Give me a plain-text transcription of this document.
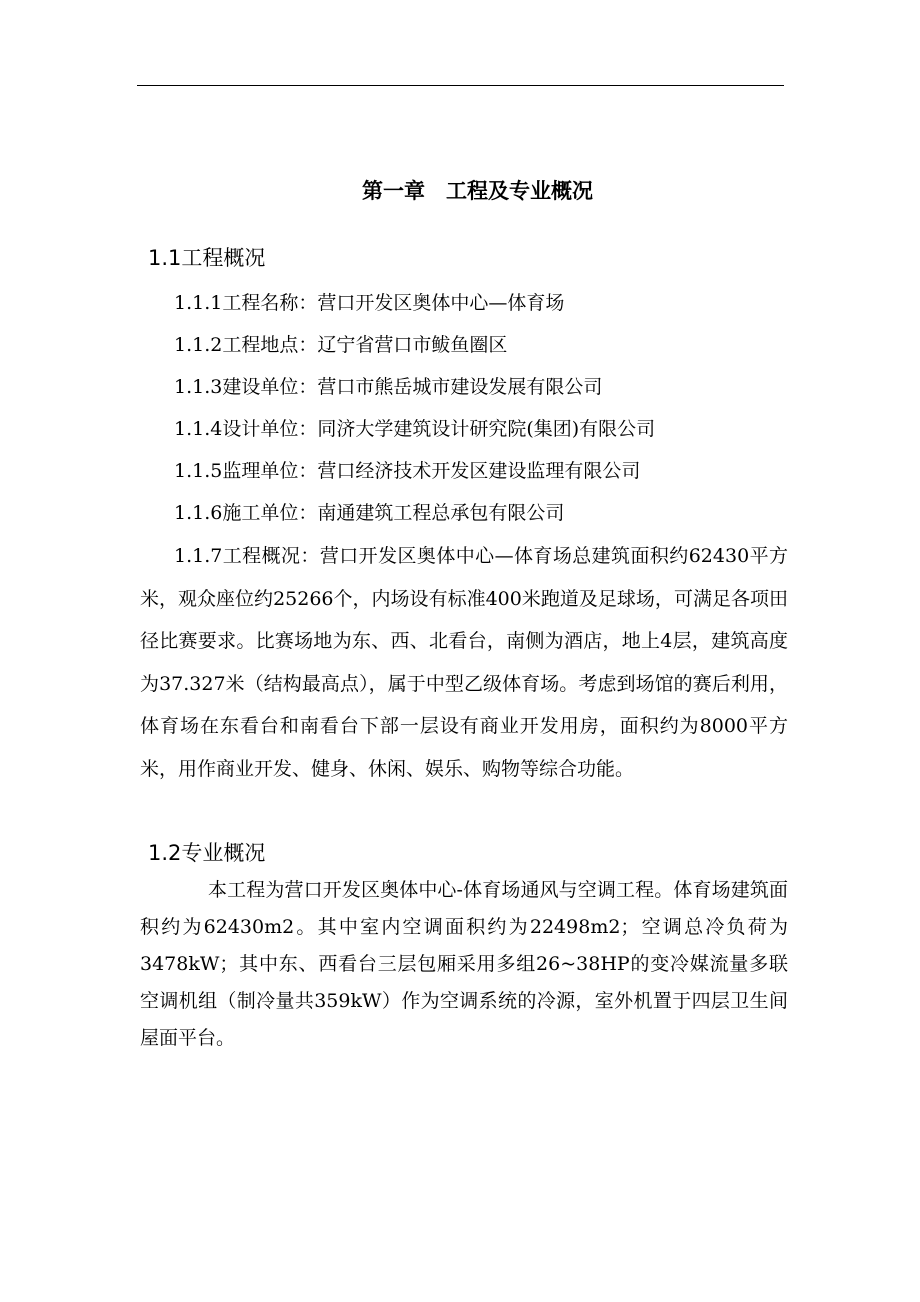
第一章　工程及专业概况
1.1工程概况
1.1.1工程名称：营口开发区奥体中心—体育场
1.1.2工程地点：辽宁省营口市鲅鱼圈区
1.1.3建设单位：营口市熊岳城市建设发展有限公司
1.1.4设计单位：同济大学建筑设计研究院(集团)有限公司
1.1.5监理单位：营口经济技术开发区建设监理有限公司
1.1.6施工单位：南通建筑工程总承包有限公司

1.1.7工程概况：营口开发区奥体中心—体育场总建筑面积约62430平方米，观众座位约25266个，内场设有标准400米跑道及足球场，可满足各项田径比赛要求。比赛场地为东、西、北看台，南侧为酒店，地上4层，建筑高度为37.327米（结构最高点），属于中型乙级体育场。考虑到场馆的赛后利用，体育场在东看台和南看台下部一层设有商业开发用房，面积约为8000平方米，用作商业开发、健身、休闲、娱乐、购物等综合功能。

1.2专业概况

本工程为营口开发区奥体中心-体育场通风与空调工程。体育场建筑面积约为62430m2。其中室内空调面积约为22498m2；空调总冷负荷为3478kW；其中东、西看台三层包厢采用多组26~38HP的变冷媒流量多联空调机组（制冷量共359kW）作为空调系统的冷源，室外机置于四层卫生间屋面平台。
